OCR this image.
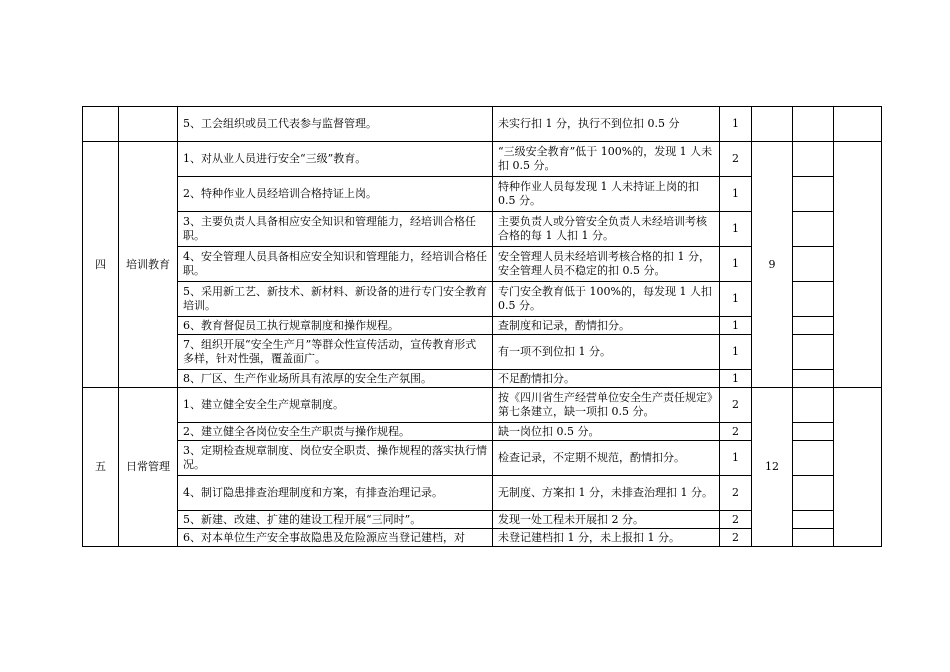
		5、工会组织或员工代表参与监督管理。	未实行扣 1 分，执行不到位扣 0.5 分	1			
四	培训教育	1、对从业人员进行安全“三级”教育。	“三级安全教育”低于 100%的，发现 1 人未扣 0.5 分。	2	9		
		2、特种作业人员经培训合格持证上岗。	特种作业人员每发现 1 人未持证上岗的扣 0.5 分。	1			
		3、主要负责人具备相应安全知识和管理能力，经培训合格任职。	主要负责人或分管安全负责人未经培训考核合格的每 1 人扣 1 分。	1			
		4、安全管理人员具备相应安全知识和管理能力，经培训合格任职。	安全管理人员未经培训考核合格的扣 1 分，安全管理人员不稳定的扣 0.5 分。	1			
		5、采用新工艺、新技术、新材料、新设备的进行专门安全教育培训。	专门安全教育低于 100%的，每发现 1 人扣 0.5 分。	1			
		6、教育督促员工执行规章制度和操作规程。	查制度和记录，酌情扣分。	1			
		7、组织开展“安全生产月”等群众性宣传活动，宣传教育形式多样，针对性强，覆盖面广。	有一项不到位扣 1 分。	1			
		8、厂区、生产作业场所具有浓厚的安全生产氛围。	不足酌情扣分。	1			
五	日常管理	1、建立健全安全生产规章制度。	按《四川省生产经营单位安全生产责任规定》第七条建立，缺一项扣 0.5 分。	2	12		
		2、建立健全各岗位安全生产职责与操作规程。	缺一岗位扣 0.5 分。	2			
		3、定期检查规章制度、岗位安全职责、操作规程的落实执行情况。	检查记录，不定期不规范，酌情扣分。	1			
		4、制订隐患排查治理制度和方案，有排查治理记录。	无制度、方案扣 1 分，未排查治理扣 1 分。	2			
		5、新建、改建、扩建的建设工程开展“三同时”。	发现一处工程未开展扣 2 分。	2			
		6、对本单位生产安全事故隐患及危险源应当登记建档，对	未登记建档扣 1 分，未上报扣 1 分。	2			
